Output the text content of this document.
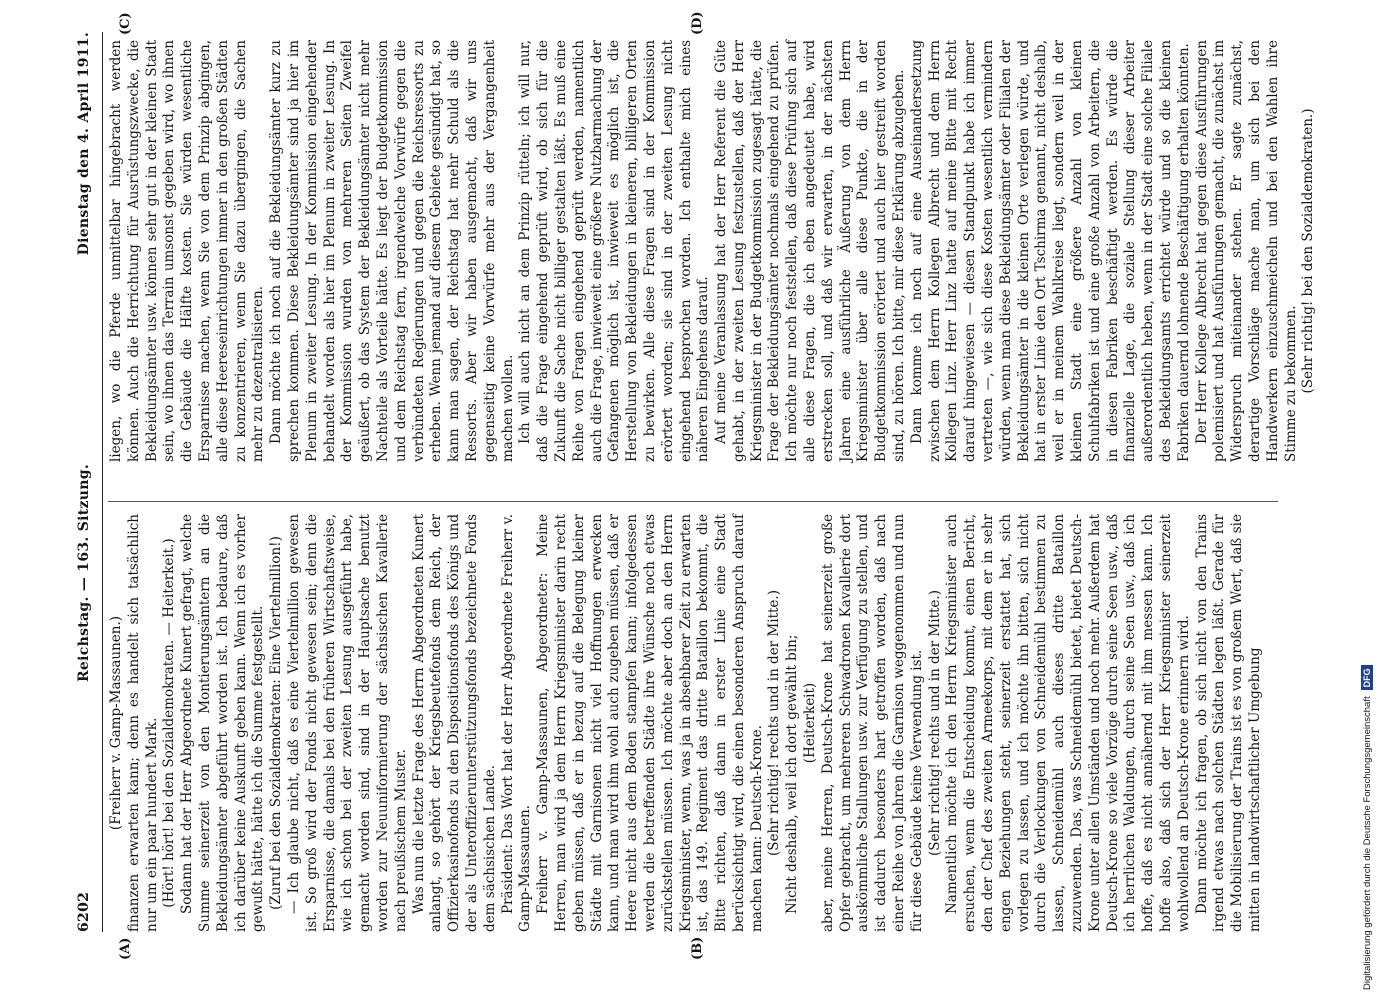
6202
Reichstag. — 163. Sitzung.
Dienstag den 4. April 1911.
(A)	(B)
(C)	(D)

(Freiherr v. Gamp-Massaunen.) finanzen erwarten kann; denn es handelt sich tatsächlich nur um ein paar hundert Mark. (Hört! hört! bei den Sozialdemokraten. — Heiterkeit.) Sodann hat der Herr Abgeordnete Kunert gefragt, welche Summe seinerzeit von den Montierungsämtern an die Bekleidungsämter abgeführt worden ist. Ich bedaure, daß ich darüber keine Auskunft geben kann. Wenn ich es vorher gewußt hätte, hätte ich die Summe festgestellt. (Zuruf bei den Sozialdemokraten: Eine Viertelmillion!) — Ich glaube nicht, daß es eine Viertelmillion gewesen ist. So groß wird der Fonds nicht gewesen sein; denn die Ersparnisse, die damals bei den früheren Wirtschaftsweise, wie ich schon bei der zweiten Lesung ausgeführt habe, gemacht worden sind, sind in der Hauptsache benutzt worden zur Neuuniformierung der sächsischen Kavallerie nach preußischem Muster. Was nun die letzte Frage des Herrn Abgeordneten Kunert anlangt, so gehört der Kriegsbeutefonds dem Reich, der Offizierkasinofonds zu den Dispositionsfonds des Königs und der als Unteroffizierunterstützungsfonds bezeichnete Fonds dem sächsischen Lande. Präsident: Das Wort hat der Herr Abgeordnete Freiherr v. Gamp-Massaunen. Freiherr v. Gamp-Massaunen, Abgeordneter: Meine Herren, man wird ja dem Herrn Kriegsminister darin recht geben müssen, daß er in bezug auf die Belegung kleiner Städte mit Garnisonen nicht viel Hoffnungen erwecken kann, und man wird ihm wohl auch zugeben müssen, daß er Heere nicht aus dem Boden stampfen kann; infolgedessen werden die betreffenden Städte ihre Wünsche noch etwas zurückstellen müssen. Ich möchte aber doch an den Herrn Kriegsminister, wenn, was ja in absehbarer Zeit zu erwarten ist, das 149. Regiment das dritte Bataillon bekommt, die Bitte richten, daß dann in erster Linie eine Stadt berücksichtigt wird, die einen besonderen Anspruch darauf machen kann: Deutsch-Krone. (Sehr richtig! rechts und in der Mitte.) Nicht deshalb, weil ich dort gewählt bin; (Heiterkeit) aber, meine Herren, Deutsch-Krone hat seinerzeit große Opfer gebracht, um mehreren Schwadronen Kavallerie dort auskömmliche Stallungen usw. zur Verfügung zu stellen, und ist dadurch besonders hart getroffen worden, daß nach einer Reihe von Jahren die Garnison weggenommen und nun für diese Gebäude keine Verwendung ist. (Sehr richtig! rechts und in der Mitte.) Namentlich möchte ich den Herrn Kriegsminister auch ersuchen, wenn die Entscheidung kommt, einen Bericht, den der Chef des zweiten Armeekorps, mit dem er in sehr engen Beziehungen steht, seinerzeit erstattet hat, sich vorlegen zu lassen, und ich möchte ihn bitten, sich nicht durch die Verlockungen von Schneidemühl bestimmen zu lassen, Schneidemühl auch dieses dritte Bataillon zuzuwenden. Das, was Schneidemühl bietet, bietet Deutsch-Krone unter allen Umständen und noch mehr. Außerdem hat Deutsch-Krone so viele Vorzüge durch seine Seen usw., daß ich herrlichen Waldungen, durch seine Seen usw., daß ich hoffe, daß es nicht annähernd mit ihm messen kann. Ich hoffe also, daß sich der Herr Kriegsminister seinerzeit wohlwollend an Deutsch-Krone erinnern wird. Dann möchte ich fragen, ob sich nicht von den Trains irgend etwas nach solchen Städten legen läßt. Gerade für die Mobilisierung der Trains ist es von großem Wert, daß sie mitten in landwirtschaftlicher Umgebung

liegen, wo die Pferde unmittelbar hingebracht werden können. Auch die Herrichtung für Ausrüstungszwecke, die Bekleidungsämter usw. können sehr gut in der kleinen Stadt sein, wo ihnen das Terrain umsonst gegeben wird, wo ihnen die Gebäude die Hälfte kosten. Sie würden wesentliche Ersparnisse machen, wenn Sie von dem Prinzip abgingen, alle diese Heereseinrichtungen immer in den großen Städten zu konzentrieren, wenn Sie dazu übergingen, die Sachen mehr zu dezentralisieren. Dann möchte ich noch auf die Bekleidungsämter kurz zu sprechen kommen. Diese Bekleidungsämter sind ja hier im Plenum in zweiter Lesung. In der Kommission eingehender behandelt worden als hier im Plenum in zweiter Lesung. In der Kommission wurden von mehreren Seiten Zweifel geäußert, ob das System der Bekleidungsämter nicht mehr Nachteile als Vorteile hätte. Es liegt der Budgetkommission und dem Reichstag fern, irgendwelche Vorwürfe gegen die verbündeten Regierungen und gegen die Reichsressorts zu erheben. Wenn jemand auf diesem Gebiete gesündigt hat, so kann man sagen, der Reichstag hat mehr Schuld als die Ressorts. Aber wir haben ausgemacht, daß wir uns gegenseitig keine Vorwürfe mehr aus der Vergangenheit machen wollen. Ich will auch nicht an dem Prinzip rütteln; ich will nur, daß die Frage eingehend geprüft wird, ob sich für die Zukunft die Sache nicht billiger gestalten läßt. Es muß eine Reihe von Fragen eingehend geprüft werden, namentlich auch die Frage, inwieweit eine größere Nutzbarmachung der Gefangenen möglich ist, inwieweit es möglich ist, die Herstellung von Bekleidungen in kleineren, billigeren Orten zu bewirken. Alle diese Fragen sind in der Kommission erörtert worden; sie sind in der zweiten Lesung nicht eingehend besprochen worden. Ich enthalte mich eines näheren Eingehens darauf. Auf meine Veranlassung hat der Herr Referent die Güte gehabt, in der zweiten Lesung festzustellen, daß der Herr Kriegsminister in der Budgetkommission zugesagt hätte, die Frage der Bekleidungsämter nochmals eingehend zu prüfen. Ich möchte nur noch feststellen, daß diese Prüfung sich auf alle diese Fragen, die ich eben angedeutet habe, wird erstrecken soll, und daß wir erwarten, in der nächsten Jahren eine ausführliche Äußerung von dem Herrn Kriegsminister über alle diese Punkte, die in der Budgetkommission erörtert und auch hier gestreift worden sind, zu hören. Ich bitte, mir diese Erklärung abzugeben. Dann komme ich noch auf eine Auseinandersetzung zwischen dem Herrn Kollegen Albrecht und dem Herrn Kollegen Linz. Herr Linz hatte auf meine Bitte mit Recht darauf hingewiesen — diesen Standpunkt habe ich immer vertreten —, wie sich diese Kosten wesentlich vermindern würden, wenn man diese Bekleidungsämter oder Filialen der Bekleidungsämter in die kleinen Orte verlegen würde, und hat in erster Linie den Ort Tschirma genannt, nicht deshalb, weil er in meinem Wahlkreise liegt, sondern weil in der kleinen Stadt eine größere Anzahl von kleinen Schuhfabriken ist und eine große Anzahl von Arbeitern, die in diesen Fabriken beschäftigt werden. Es würde die finanzielle Lage, die soziale Stellung dieser Arbeiter außerordentlich heben, wenn in der Stadt eine solche Filiale des Bekleidungsamts errichtet würde und so die kleinen Fabriken dauernd lohnende Beschäftigung erhalten könnten. Der Herr Kollege Albrecht hat gegen diese Ausführungen polemisiert und hat Ausführungen gemacht, die zunächst im Widerspruch miteinander stehen. Er sagte zunächst, derartige Vorschläge mache man, um sich bei den Handwerkern einzuschmeicheln und bei den Wahlen ihre Stimme zu bekommen. (Sehr richtig! bei den Sozialdemokraten.)

Digitalisierung gefördert durch die Deutsche Forschungsgemeinschaft
DFG
